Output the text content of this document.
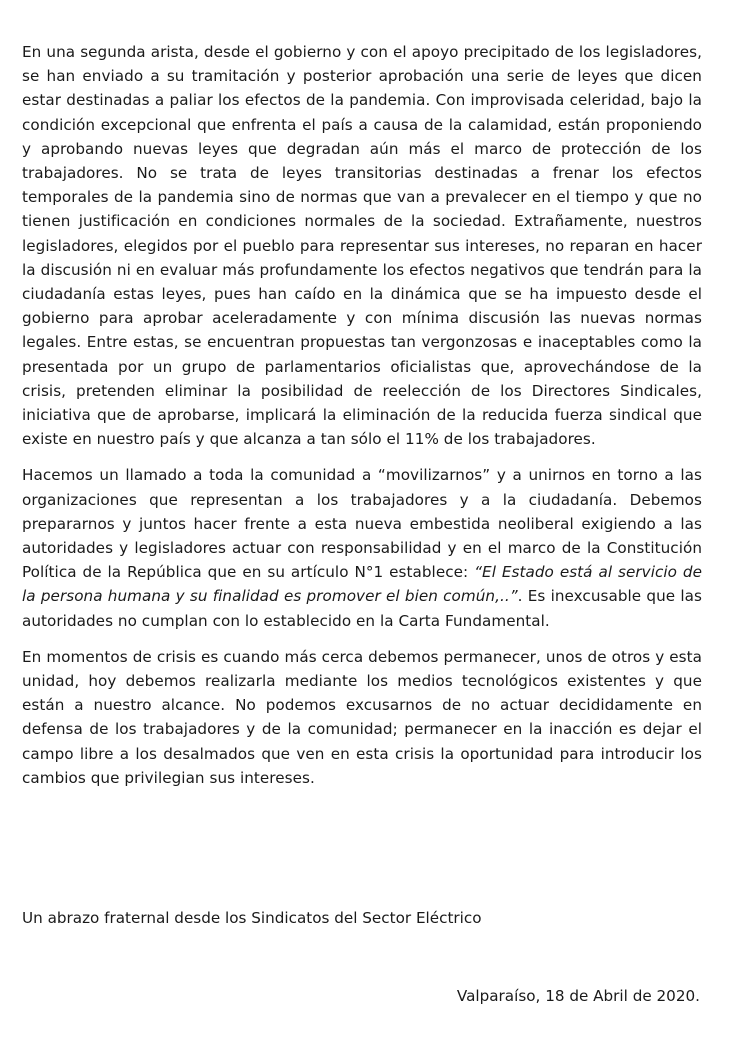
En una segunda arista, desde el gobierno y con el apoyo precipitado de los legisladores, se han enviado a su tramitación y posterior aprobación una serie de leyes que dicen estar destinadas a paliar los efectos de la pandemia. Con improvisada celeridad, bajo la condición excepcional que enfrenta el país a causa de la calamidad, están proponiendo y aprobando nuevas leyes que degradan aún más el marco de protección de los trabajadores. No se trata de leyes transitorias destinadas a frenar los efectos temporales de la pandemia sino de normas que van a prevalecer en el tiempo y que no tienen justificación en condiciones normales de la sociedad. Extrañamente, nuestros legisladores, elegidos por el pueblo para representar sus intereses, no reparan en hacer la discusión ni en evaluar más profundamente los efectos negativos que tendrán para la ciudadanía estas leyes, pues han caído en la dinámica que se ha impuesto desde el gobierno para aprobar aceleradamente y con mínima discusión las nuevas normas legales. Entre estas, se encuentran propuestas tan vergonzosas e inaceptables como la presentada por un grupo de parlamentarios oficialistas que, aprovechándose de la crisis, pretenden eliminar la posibilidad de reelección de los Directores Sindicales, iniciativa que de aprobarse, implicará la eliminación de la reducida fuerza sindical que existe en nuestro país y que alcanza a tan sólo el 11% de los trabajadores.

Hacemos un llamado a toda la comunidad a “movilizarnos” y a unirnos en torno a las organizaciones que representan a los trabajadores y a la ciudadanía. Debemos prepararnos y juntos hacer frente a esta nueva embestida neoliberal exigiendo a las autoridades y legisladores actuar con responsabilidad y en el marco de la Constitución Política de la República que en su artículo N°1 establece: “El Estado está al servicio de la persona humana y su finalidad es promover el bien común,..”. Es inexcusable que las autoridades no cumplan con lo establecido en la Carta Fundamental.

En momentos de crisis es cuando más cerca debemos permanecer, unos de otros y esta unidad, hoy debemos realizarla mediante los medios tecnológicos existentes y que están a nuestro alcance. No podemos excusarnos de no actuar decididamente en defensa de los trabajadores y de la comunidad; permanecer en la inacción es dejar el campo libre a los desalmados que ven en esta crisis la oportunidad para introducir los cambios que privilegian sus intereses.

Un abrazo fraternal desde los Sindicatos del Sector Eléctrico

Valparaíso, 18 de Abril de 2020.
